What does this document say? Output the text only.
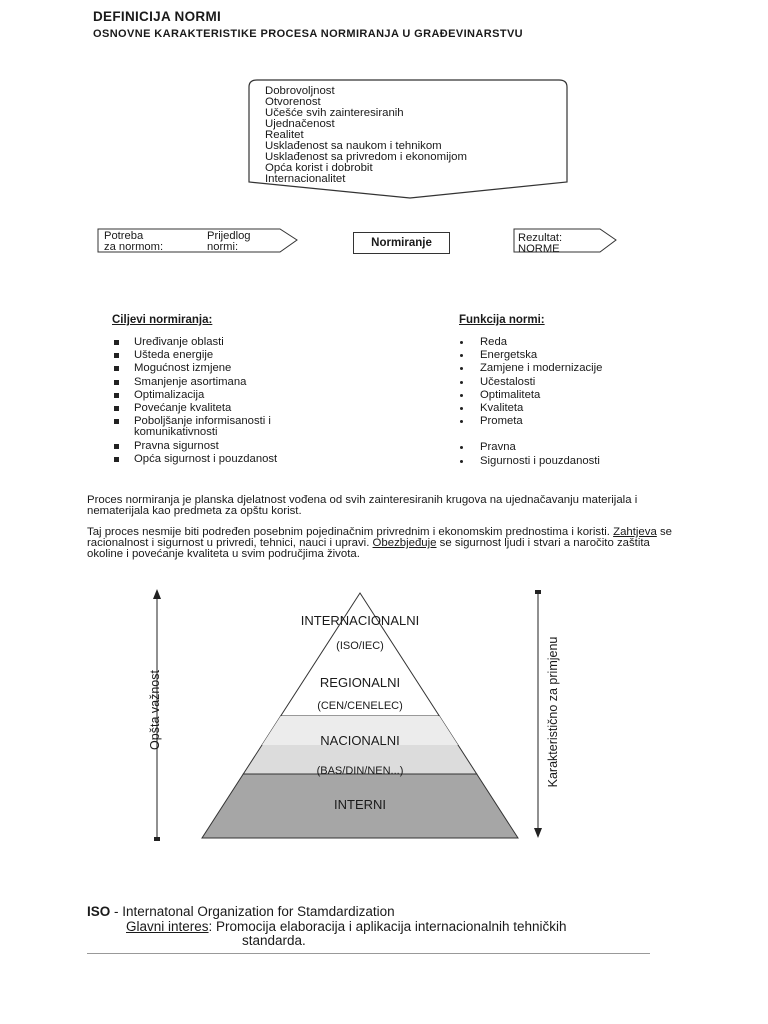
DEFINICIJA NORMI
OSNOVNE KARAKTERISTIKE PROCESA NORMIRANJA U GRAĐEVINARSTVU
Dobrovoljnost
Otvorenost
Učešće svih zainteresiranih
Ujednačenost
Realitet
Usklađenost sa naukom i tehnikom
Usklađenost sa privredom i ekonomijom
Opća korist i dobrobit
Internacionalitet
Potreba
za normom:
Prijedlog
normi:	Normiranje	Rezultat:
NORME
Ciljevi normiranja:
Uređivanje oblasti
Ušteda energije
Mogućnost izmjene
Smanjenje asortimana
Optimalizacija
Povećanje kvaliteta
Poboljšanje informisanosti i
komunikativnosti
Pravna sigurnost
Opća sigurnost i pouzdanost
Funkcija normi:
Reda
Energetska
Zamjene i modernizacije
Učestalosti
Optimaliteta
Kvaliteta
Prometa
Pravna
Sigurnosti i pouzdanosti
Proces normiranja je planska djelatnost vođena od svih zainteresiranih krugova na ujednačavanju materijala i nematerijala kao predmeta za opštu korist.
Taj proces nesmije biti podređen posebnim pojedinačnim privrednim i ekonomskim prednostima i koristi. Zahtjeva se racionalnost i sigurnost u privredi, tehnici, nauci i upravi. Obezbjeđuje se sigurnost ljudi i stvari a naročito zaštita okoline i povećanje kvaliteta u svim područjima života.
Opšta važnost	Karakteristično za primjenu
INTERNACIONALNI
(ISO/IEC)
REGIONALNI
(CEN/CENELEC)
NACIONALNI
(BAS/DIN/NEN...)
INTERNI
ISO - Internatonal Organization for Stamdardization
Glavni interes: Promocija elaboracija i aplikacija internacionalnih tehničkih
standarda.
